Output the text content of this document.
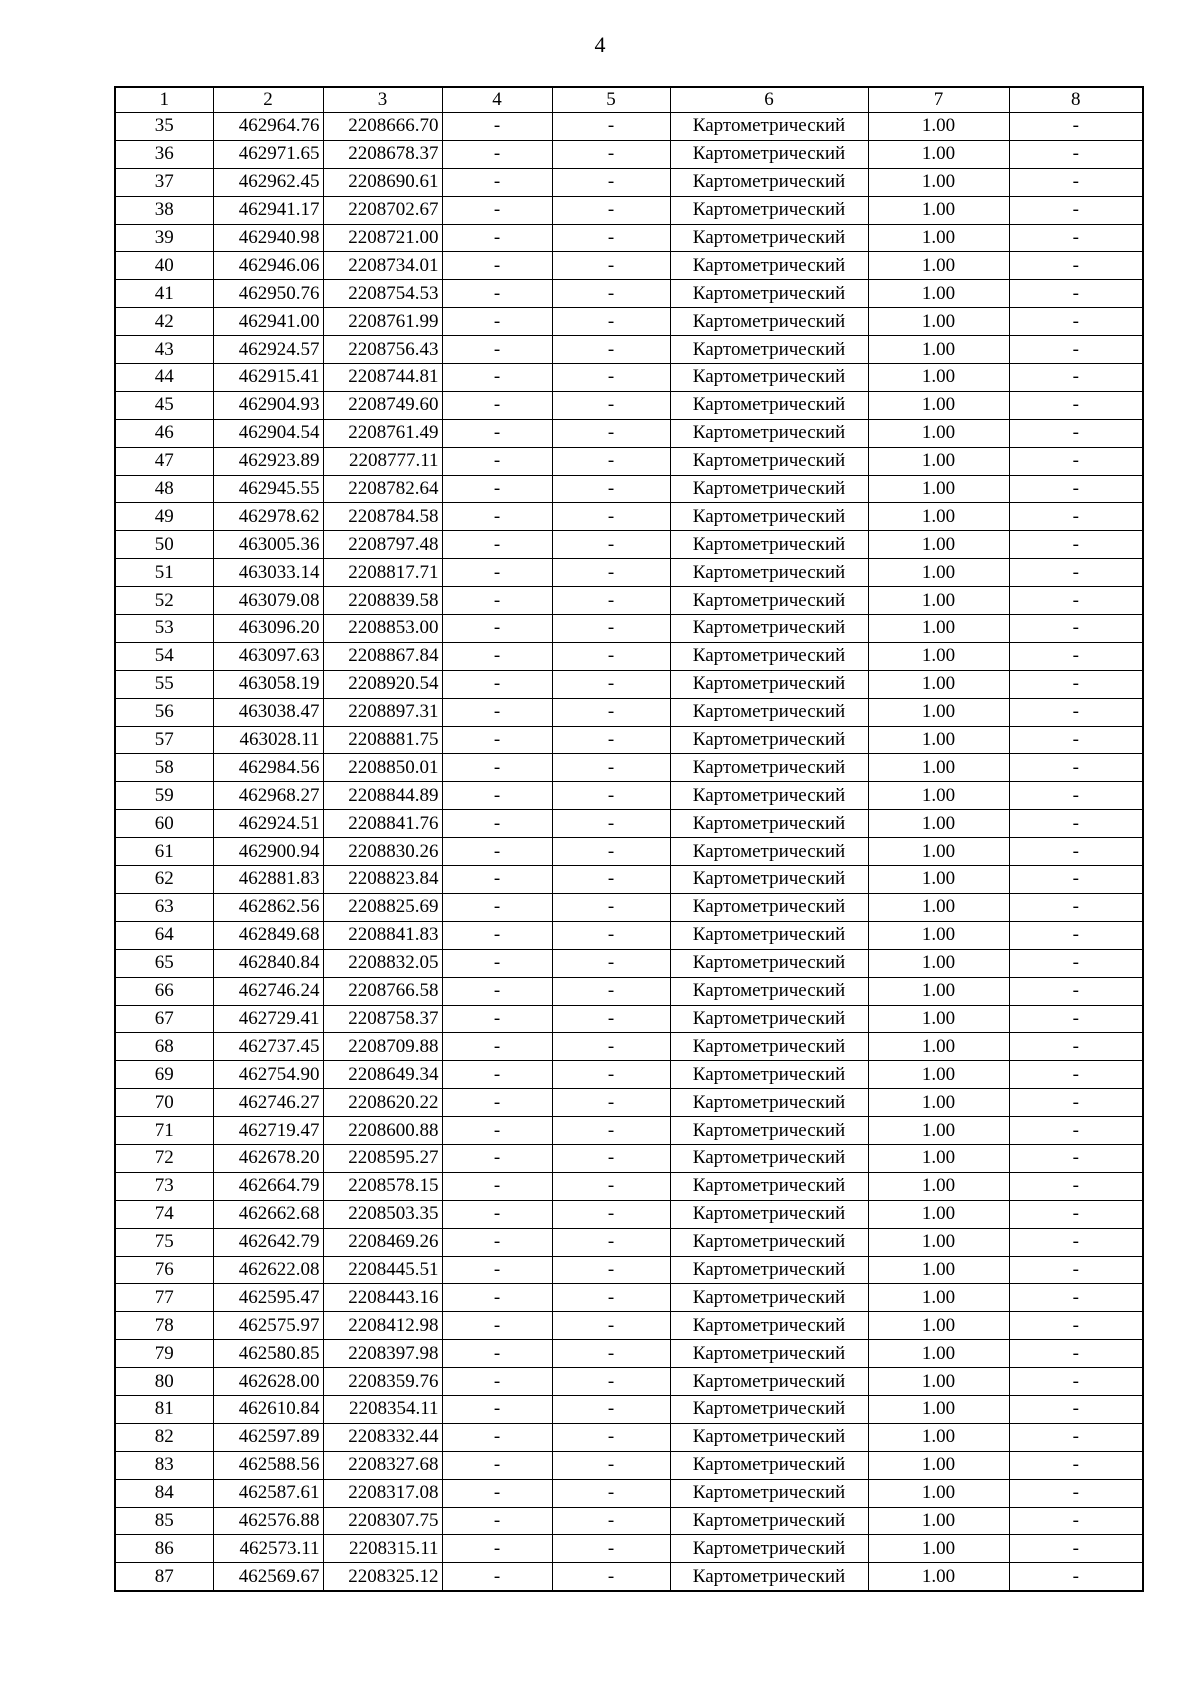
4
1	2	3	4	5	6	7	8
35	462964.76	2208666.70	-	-	Картометрический	1.00	-
36	462971.65	2208678.37	-	-	Картометрический	1.00	-
37	462962.45	2208690.61	-	-	Картометрический	1.00	-
38	462941.17	2208702.67	-	-	Картометрический	1.00	-
39	462940.98	2208721.00	-	-	Картометрический	1.00	-
40	462946.06	2208734.01	-	-	Картометрический	1.00	-
41	462950.76	2208754.53	-	-	Картометрический	1.00	-
42	462941.00	2208761.99	-	-	Картометрический	1.00	-
43	462924.57	2208756.43	-	-	Картометрический	1.00	-
44	462915.41	2208744.81	-	-	Картометрический	1.00	-
45	462904.93	2208749.60	-	-	Картометрический	1.00	-
46	462904.54	2208761.49	-	-	Картометрический	1.00	-
47	462923.89	2208777.11	-	-	Картометрический	1.00	-
48	462945.55	2208782.64	-	-	Картометрический	1.00	-
49	462978.62	2208784.58	-	-	Картометрический	1.00	-
50	463005.36	2208797.48	-	-	Картометрический	1.00	-
51	463033.14	2208817.71	-	-	Картометрический	1.00	-
52	463079.08	2208839.58	-	-	Картометрический	1.00	-
53	463096.20	2208853.00	-	-	Картометрический	1.00	-
54	463097.63	2208867.84	-	-	Картометрический	1.00	-
55	463058.19	2208920.54	-	-	Картометрический	1.00	-
56	463038.47	2208897.31	-	-	Картометрический	1.00	-
57	463028.11	2208881.75	-	-	Картометрический	1.00	-
58	462984.56	2208850.01	-	-	Картометрический	1.00	-
59	462968.27	2208844.89	-	-	Картометрический	1.00	-
60	462924.51	2208841.76	-	-	Картометрический	1.00	-
61	462900.94	2208830.26	-	-	Картометрический	1.00	-
62	462881.83	2208823.84	-	-	Картометрический	1.00	-
63	462862.56	2208825.69	-	-	Картометрический	1.00	-
64	462849.68	2208841.83	-	-	Картометрический	1.00	-
65	462840.84	2208832.05	-	-	Картометрический	1.00	-
66	462746.24	2208766.58	-	-	Картометрический	1.00	-
67	462729.41	2208758.37	-	-	Картометрический	1.00	-
68	462737.45	2208709.88	-	-	Картометрический	1.00	-
69	462754.90	2208649.34	-	-	Картометрический	1.00	-
70	462746.27	2208620.22	-	-	Картометрический	1.00	-
71	462719.47	2208600.88	-	-	Картометрический	1.00	-
72	462678.20	2208595.27	-	-	Картометрический	1.00	-
73	462664.79	2208578.15	-	-	Картометрический	1.00	-
74	462662.68	2208503.35	-	-	Картометрический	1.00	-
75	462642.79	2208469.26	-	-	Картометрический	1.00	-
76	462622.08	2208445.51	-	-	Картометрический	1.00	-
77	462595.47	2208443.16	-	-	Картометрический	1.00	-
78	462575.97	2208412.98	-	-	Картометрический	1.00	-
79	462580.85	2208397.98	-	-	Картометрический	1.00	-
80	462628.00	2208359.76	-	-	Картометрический	1.00	-
81	462610.84	2208354.11	-	-	Картометрический	1.00	-
82	462597.89	2208332.44	-	-	Картометрический	1.00	-
83	462588.56	2208327.68	-	-	Картометрический	1.00	-
84	462587.61	2208317.08	-	-	Картометрический	1.00	-
85	462576.88	2208307.75	-	-	Картометрический	1.00	-
86	462573.11	2208315.11	-	-	Картометрический	1.00	-
87	462569.67	2208325.12	-	-	Картометрический	1.00	-
